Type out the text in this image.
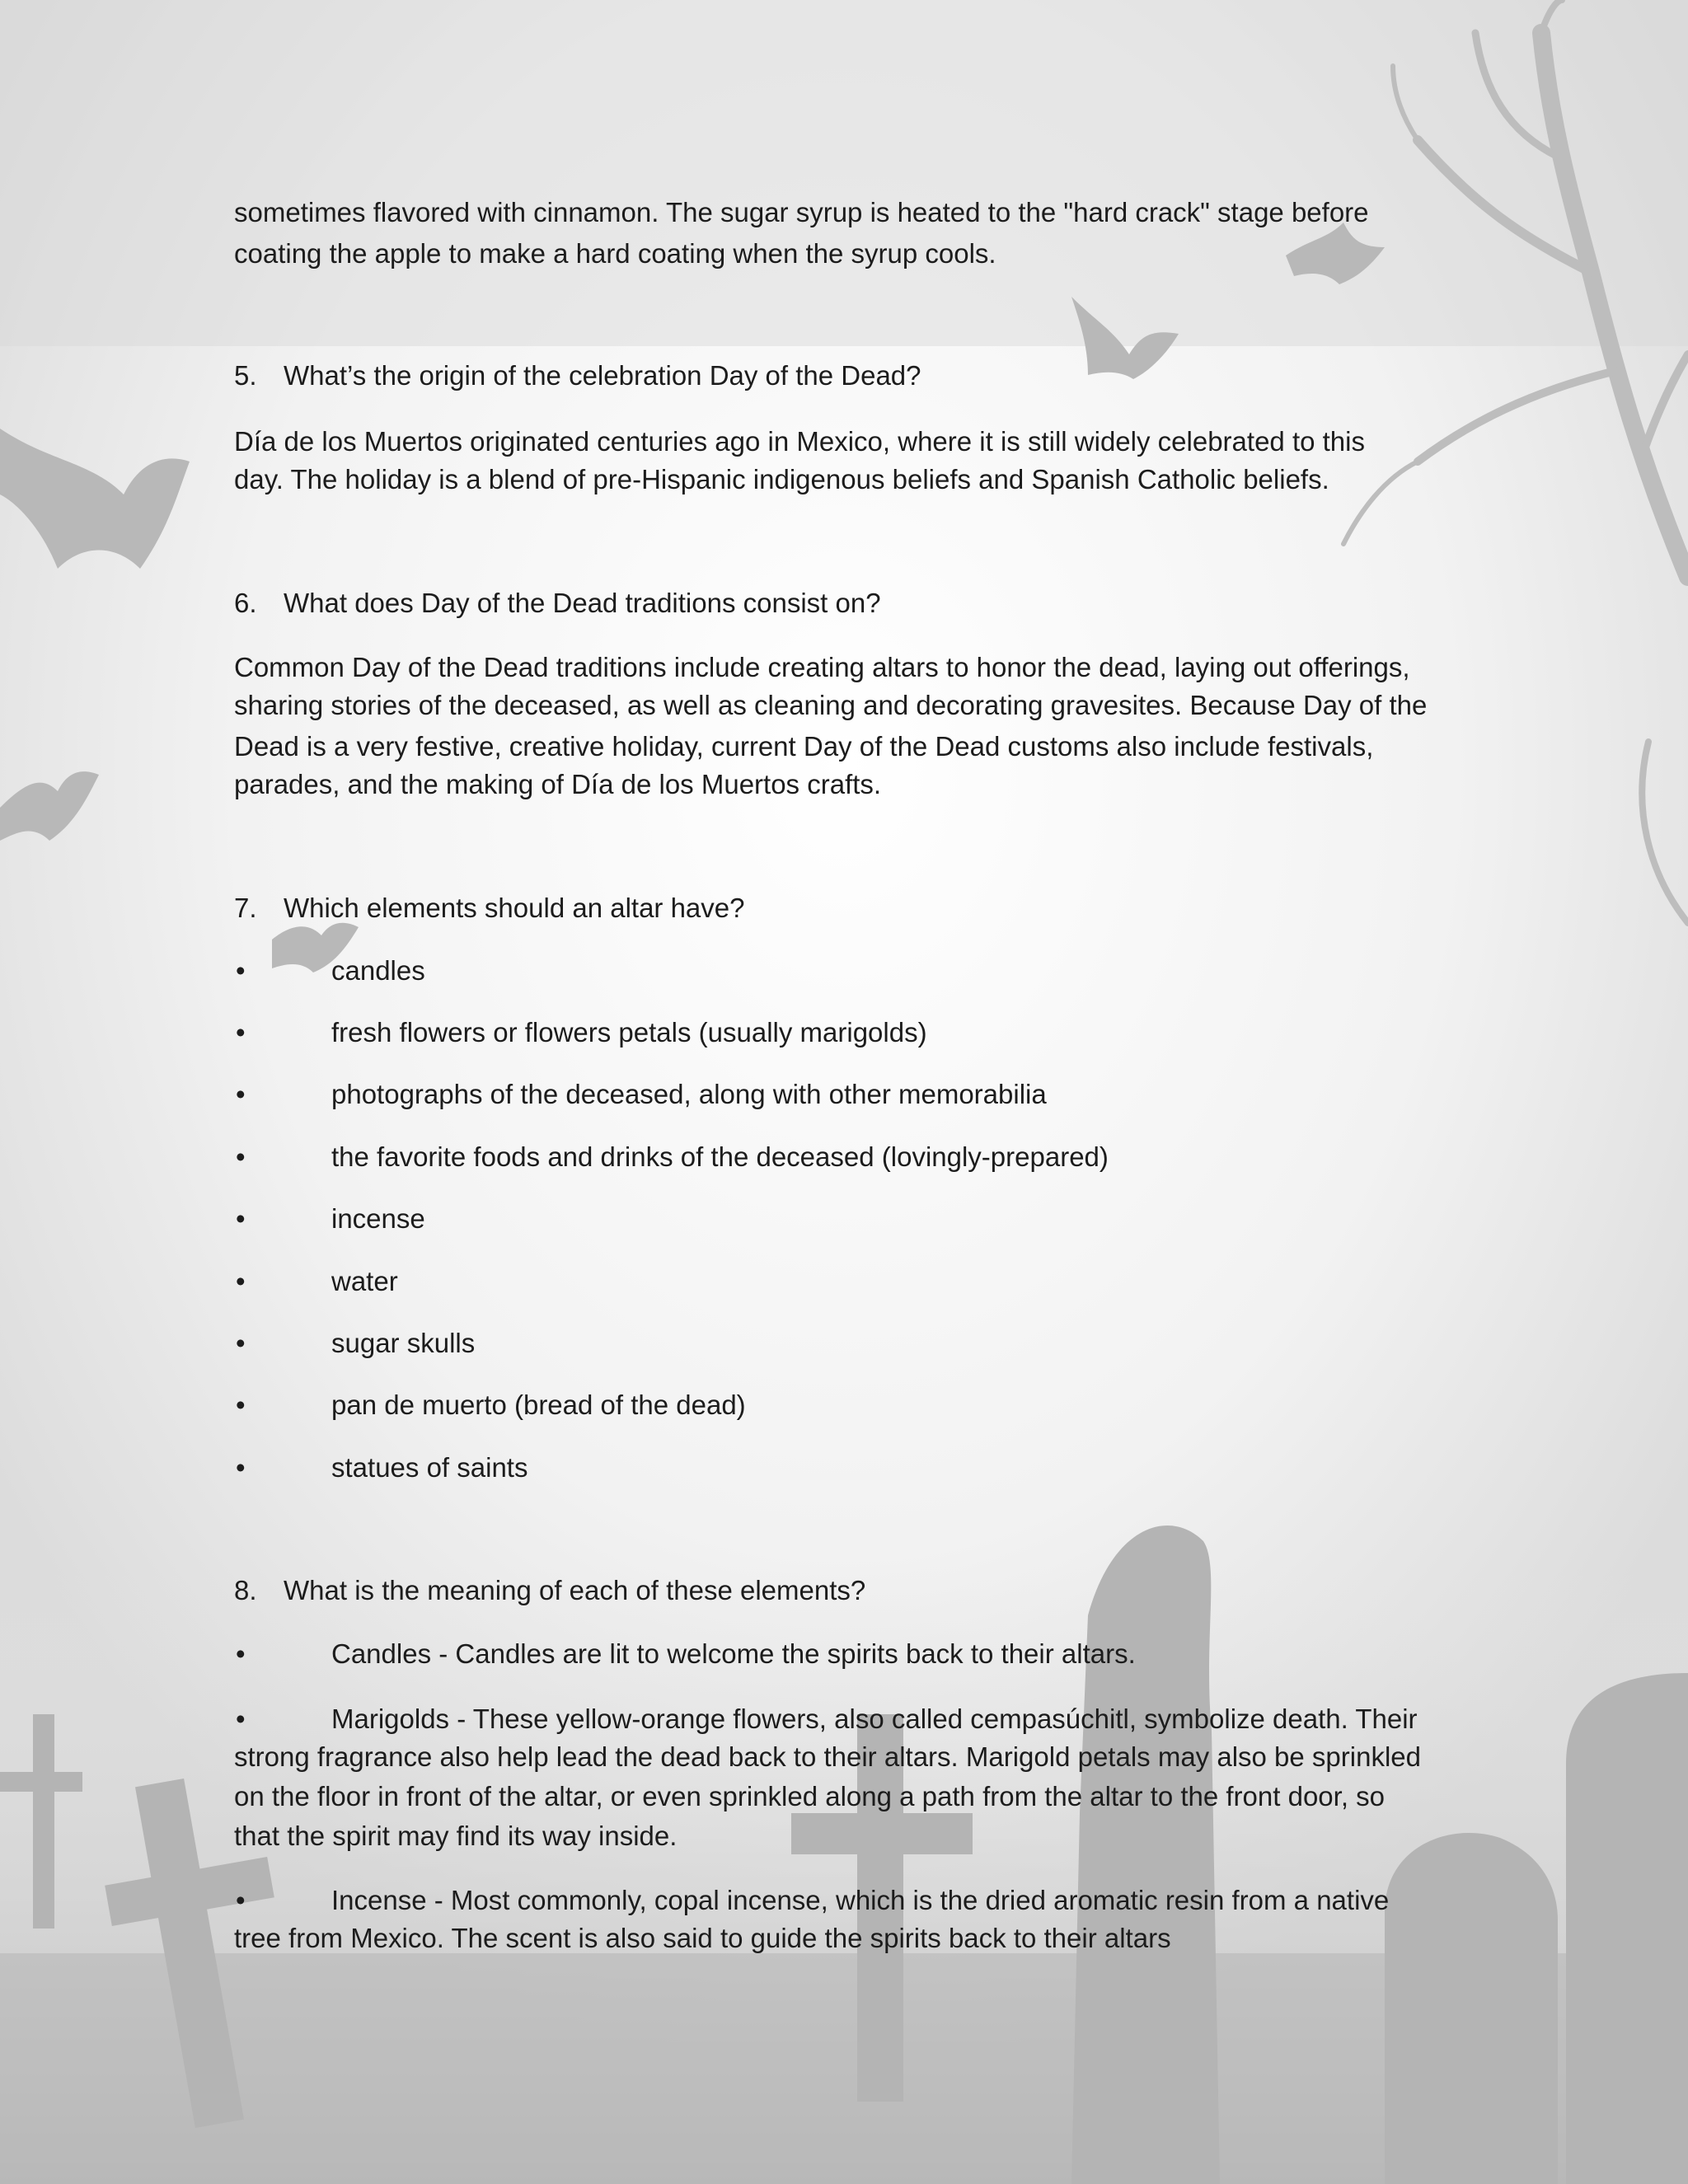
sometimes flavored with cinnamon. The sugar syrup is heated to the "hard crack" stage before

coating the apple to make a hard coating when the syrup cools.

5. What’s the origin of the celebration Day of the Dead?

Día de los Muertos originated centuries ago in Mexico, where it is still widely celebrated to this

day. The holiday is a blend of pre-Hispanic indigenous beliefs and Spanish Catholic beliefs.

6. What does Day of the Dead traditions consist on?

Common Day of the Dead traditions include creating altars to honor the dead, laying out offerings,

sharing stories of the deceased, as well as cleaning and decorating gravesites. Because Day of the

Dead is a very festive, creative holiday, current Day of the Dead customs also include festivals,

parades, and the making of Día de los Muertos crafts.

7. Which elements should an altar have?
•	candles
•	fresh flowers or flowers petals (usually marigolds)
•	photographs of the deceased, along with other memorabilia
•	the favorite foods and drinks of the deceased (lovingly-prepared)
•	incense
•	water
•	sugar skulls
•	pan de muerto (bread of the dead)
•	statues of saints
8. What is the meaning of each of these elements?
•	Candles - Candles are lit to welcome the spirits back to their altars.
•	Marigolds - These yellow-orange flowers, also called cempasúchitl, symbolize death. Their

strong fragrance also help lead the dead back to their altars. Marigold petals may also be sprinkled

on the floor in front of the altar, or even sprinkled along a path from the altar to the front door, so

that the spirit may find its way inside.

•	Incense - Most commonly, copal incense, which is the dried aromatic resin from a native

tree from Mexico. The scent is also said to guide the spirits back to their altars
